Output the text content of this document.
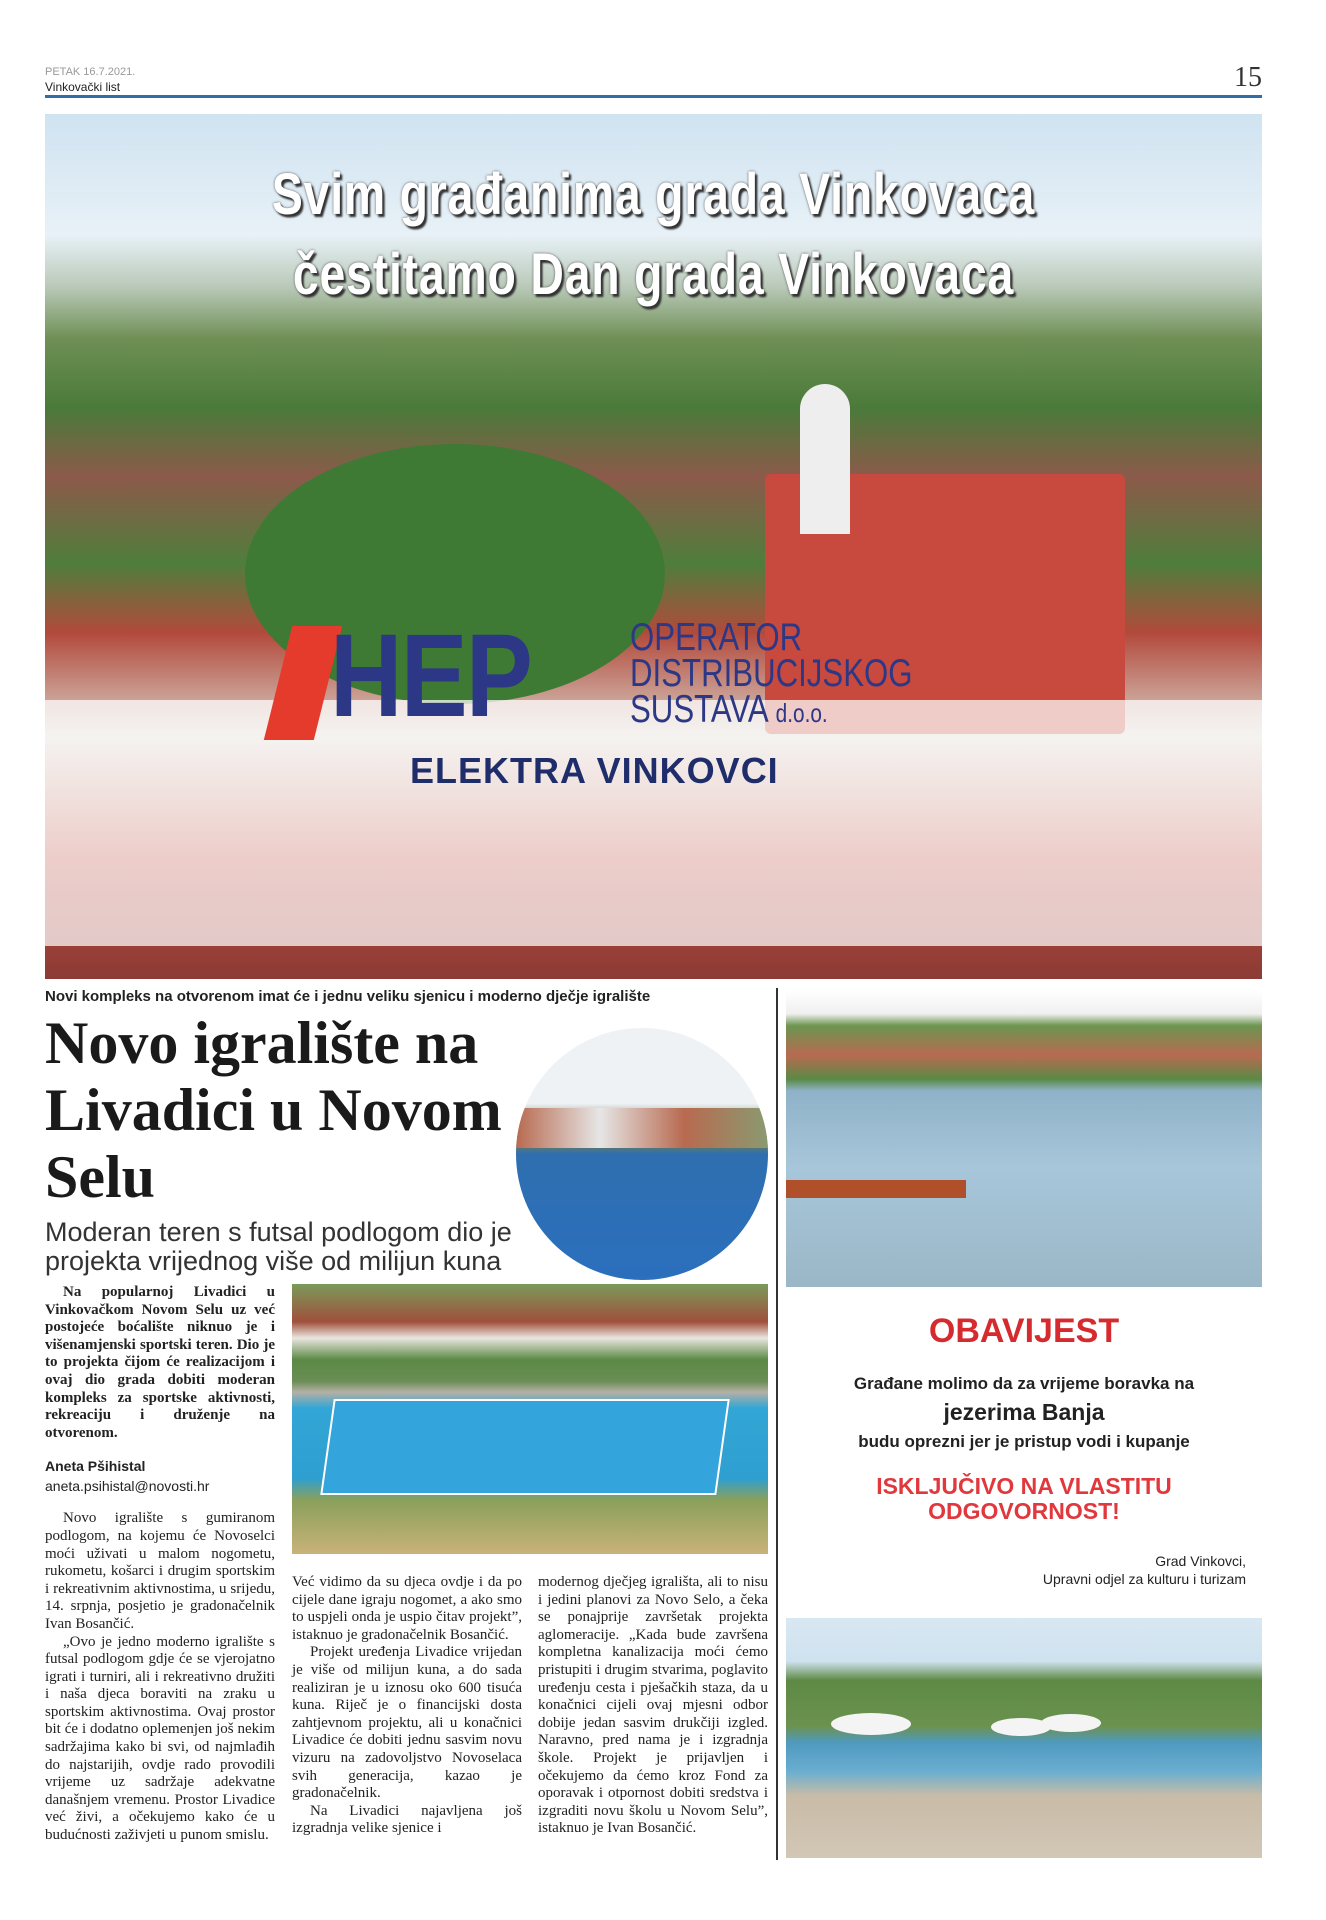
PETAK 16.7.2021.
Vinkovački list	15
Svim građanima grada Vinkovaca
čestitamo Dan grada Vinkovaca
HEP	OPERATOR
DISTRIBUCIJSKOG
SUSTAVA d.o.o.
ELEKTRA VINKOVCI
Novi kompleks na otvorenom imat će i jednu veliku sjenicu i moderno dječje igralište
Novo igralište na Livadici u Novom Selu
Moderan teren s futsal podlogom dio je projekta vrijednog više od milijun kuna
Na popularnoj Livadici u Vinkovačkom Novom Selu uz već postojeće boćalište niknuo je i višenamjenski sportski teren. Dio je to projekta čijom će realizacijom i ovaj dio grada dobiti moderan kompleks za sportske aktivnosti, rekreaciju i druženje na otvorenom.
Aneta Pšihistal
aneta.psihistal@novosti.hr

Novo igralište s gumiranom podlogom, na kojemu će Novoselci moći uživati u malom nogometu, rukometu, košarci i drugim sportskim i rekreativnim aktivnostima, u srijedu, 14. srpnja, posjetio je gradonačelnik Ivan Bosančić.

„Ovo je jedno moderno igralište s futsal podlogom gdje će se vjerojatno igrati i turniri, ali i rekreativno družiti i naša djeca boraviti na zraku u sportskim aktivnostima. Ovaj prostor bit će i dodatno oplemenjen još nekim sadržajima kako bi svi, od najmlađih do najstarijih, ovdje rado provodili vrijeme uz sadržaje adekvatne današnjem vremenu. Prostor Livadice već živi, a očekujemo kako će u budućnosti zaživjeti u punom smislu.

Već vidimo da su djeca ovdje i da po cijele dane igraju nogomet, a ako smo to uspjeli onda je uspio čitav projekt”, istaknuo je gradonačelnik Bosančić.

Projekt uređenja Livadice vrijedan je više od milijun kuna, a do sada realiziran je u iznosu oko 600 tisuća kuna. Riječ je o financijski dosta zahtjevnom projektu, ali u konačnici Livadice će dobiti jednu sasvim novu vizuru na zadovoljstvo Novoselaca svih generacija, kazao je gradonačelnik.

Na Livadici najavljena još izgradnja velike sjenice i

modernog dječjeg igrališta, ali to nisu i jedini planovi za Novo Selo, a čeka se ponajprije završetak projekta aglomeracije. „Kada bude završena kompletna kanalizacija moći ćemo pristupiti i drugim stvarima, poglavito uređenju cesta i pješačkih staza, da u konačnici cijeli ovaj mjesni odbor dobije jedan sasvim drukčiji izgled. Naravno, pred nama je i izgradnja škole. Projekt je prijavljen i očekujemo da ćemo kroz Fond za oporavak i otpornost dobiti sredstva i izgraditi novu školu u Novom Selu”, istaknuo je Ivan Bosančić.

OBAVIJEST
Građane molimo da za vrijeme boravka na
jezerima Banja
budu oprezni jer je pristup vodi i kupanje
ISKLJUČIVO NA VLASTITU ODGOVORNOST!
Grad Vinkovci,
Upravni odjel za kulturu i turizam
